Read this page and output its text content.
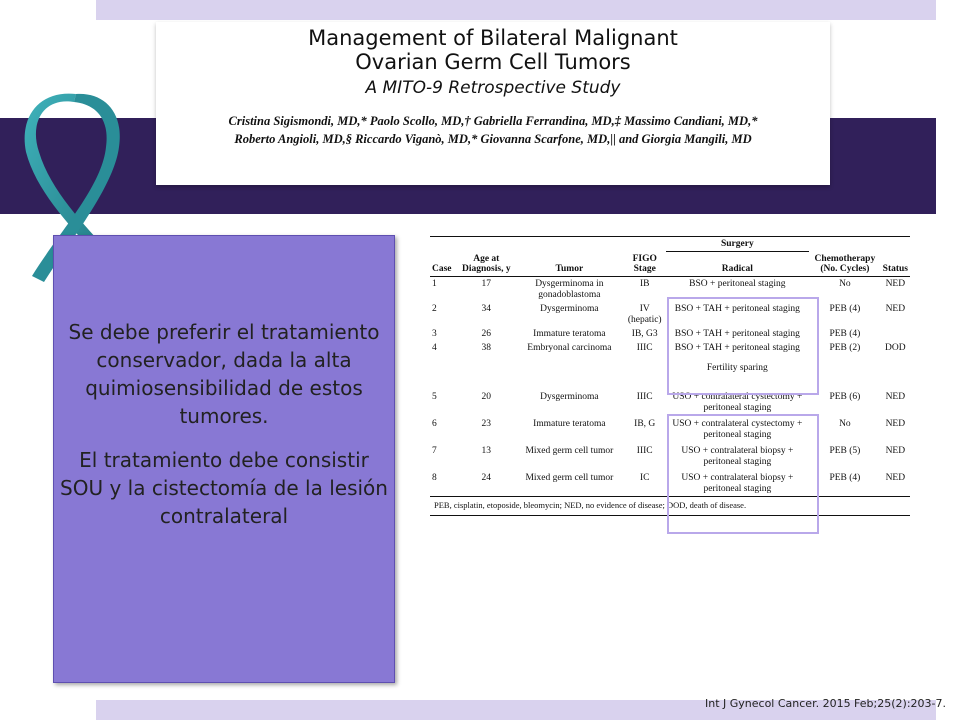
Management of Bilateral Malignant
Ovarian Germ Cell Tumors
A MITO-9 Retrospective Study
Cristina Sigismondi, MD,* Paolo Scollo, MD,† Gabriella Ferrandina, MD,‡ Massimo Candiani, MD,*
Roberto Angioli, MD,§ Riccardo Viganò, MD,* Giovanna Scarfone, MD,|| and Giorgia Mangili, MD

Se debe preferir el tratamiento conservador, dada la alta quimiosensibilidad de estos tumores.

El tratamiento debe consistir SOU y la cistectomía de la lesión contralateral

				Surgery		
Case	Age at Diagnosis, y	Tumor	FIGO Stage	Radical	Chemotherapy (No. Cycles)	Status
1	17	Dysgerminoma in gonadoblastoma	IB	BSO + peritoneal staging	No	NED
2	34	Dysgerminoma	IV (hepatic)	BSO + TAH + peritoneal staging	PEB (4)	NED
3	26	Immature teratoma	IB, G3	BSO + TAH + peritoneal staging	PEB (4)	
4	38	Embryonal carcinoma	IIIC	BSO + TAH + peritoneal staging	PEB (2)	DOD
				Fertility sparing		
5	20	Dysgerminoma	IIIC	USO + contralateral cystectomy + peritoneal staging	PEB (6)	NED
6	23	Immature teratoma	IB, G	USO + contralateral cystectomy + peritoneal staging	No	NED
7	13	Mixed germ cell tumor	IIIC	USO + contralateral biopsy + peritoneal staging	PEB (5)	NED
8	24	Mixed germ cell tumor	IC	USO + contralateral biopsy + peritoneal staging	PEB (4)	NED
PEB, cisplatin, etoposide, bleomycin; NED, no evidence of disease; DOD, death of disease.
Int J Gynecol Cancer. 2015 Feb;25(2):203-7.
